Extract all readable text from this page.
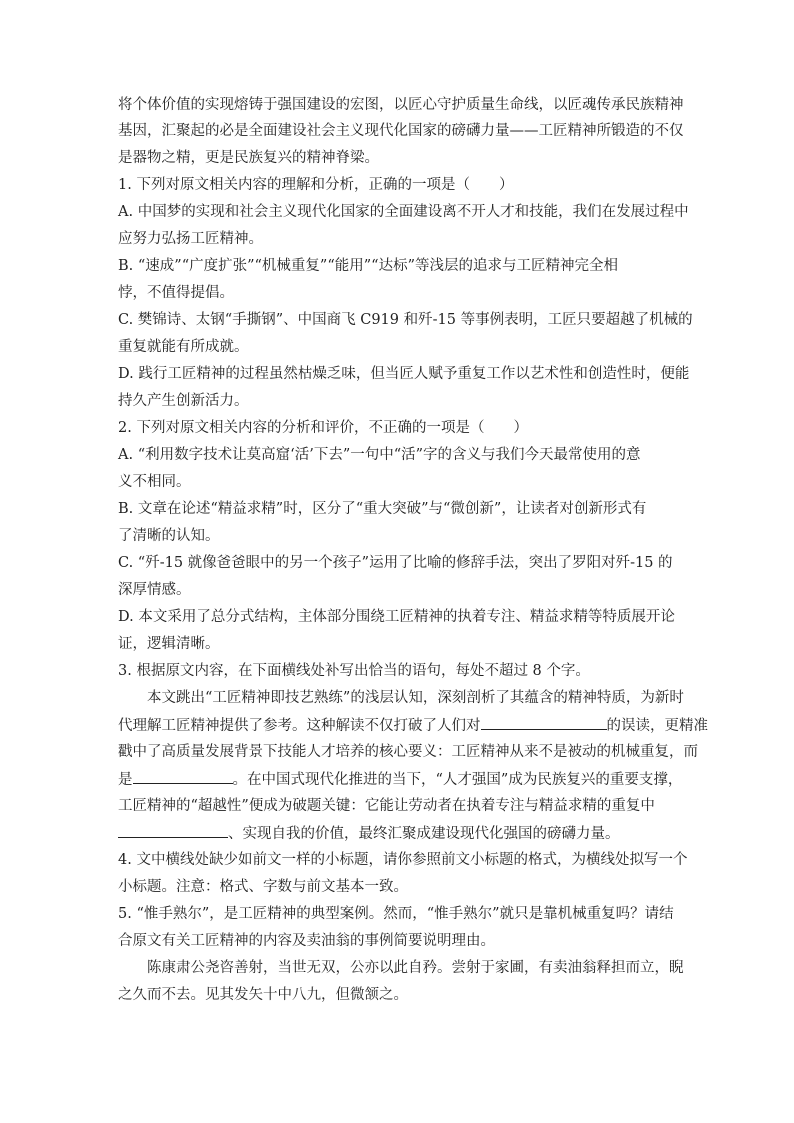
将个体价值的实现熔铸于强国建设的宏图，以匠心守护质量生命线，以匠魂传承民族精神
基因，汇聚起的必是全面建设社会主义现代化国家的磅礴力量——工匠精神所锻造的不仅
是器物之精，更是民族复兴的精神脊梁。
1. 下列对原文相关内容的理解和分析，正确的一项是（　　）
A. 中国梦的实现和社会主义现代化国家的全面建设离不开人才和技能，我们在发展过程中
应努力弘扬工匠精神。
B. “速成”“广度扩张”“机械重复”“能用”“达标”等浅层的追求与工匠精神完全相
悖，不值得提倡。
C. 樊锦诗、太钢“手撕钢”、中国商飞 C919 和歼-15 等事例表明，工匠只要超越了机械的
重复就能有所成就。
D. 践行工匠精神的过程虽然枯燥乏味，但当匠人赋予重复工作以艺术性和创造性时，便能
持久产生创新活力。
2. 下列对原文相关内容的分析和评价，不正确的一项是（　　）
A. “利用数字技术让莫高窟‘活’下去”一句中“活”字的含义与我们今天最常使用的意
义不相同。
B. 文章在论述“精益求精”时，区分了“重大突破”与“微创新”，让读者对创新形式有
了清晰的认知。
C. “歼-15 就像爸爸眼中的另一个孩子”运用了比喻的修辞手法，突出了罗阳对歼-15 的
深厚情感。
D. 本文采用了总分式结构，主体部分围绕工匠精神的执着专注、精益求精等特质展开论
证，逻辑清晰。
3. 根据原文内容，在下面横线处补写出恰当的语句，每处不超过 8 个字。
本文跳出“工匠精神即技艺熟练”的浅层认知，深刻剖析了其蕴含的精神特质，为新时
代理解工匠精神提供了参考。这种解读不仅打破了人们对	的误读，更精准
戳中了高质量发展背景下技能人才培养的核心要义：工匠精神从来不是被动的机械重复，而
是	。在中国式现代化推进的当下，“人才强国”成为民族复兴的重要支撑，
工匠精神的“超越性”便成为破题关键：它能让劳动者在执着专注与精益求精的重复中
、实现自我的价值，最终汇聚成建设现代化强国的磅礴力量。
4. 文中横线处缺少如前文一样的小标题，请你参照前文小标题的格式，为横线处拟写一个
小标题。注意：格式、字数与前文基本一致。
5. “惟手熟尔”，是工匠精神的典型案例。然而，“惟手熟尔”就只是靠机械重复吗？请结
合原文有关工匠精神的内容及卖油翁的事例简要说明理由。
陈康肃公尧咨善射，当世无双，公亦以此自矜。尝射于家圃，有卖油翁释担而立，睨
之久而不去。见其发矢十中八九，但微颔之。
